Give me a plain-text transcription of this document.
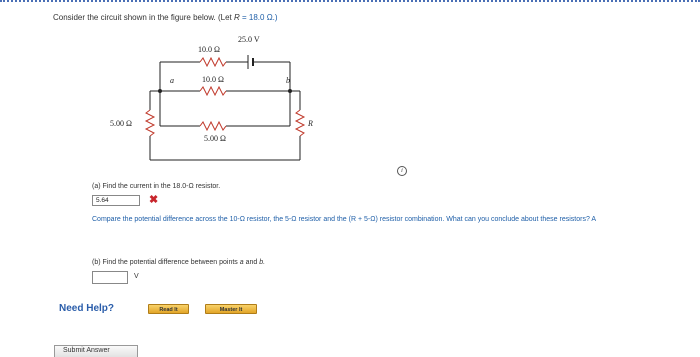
Consider the circuit shown in the figure below. (Let R = 18.0 Ω.)
25.0 V
10.0 Ω
10.0 Ω
5.00 Ω
5.00 Ω	R
a	b
i
(a) Find the current in the 18.0-Ω resistor.
5.64	✖
Compare the potential difference across the 10-Ω resistor, the 5-Ω resistor and the (R + 5-Ω) resistor combination. What can you conclude about these resistors? A
(b) Find the potential difference between points a and b.
V
Need Help?	Read It	Master It
Submit Answer
